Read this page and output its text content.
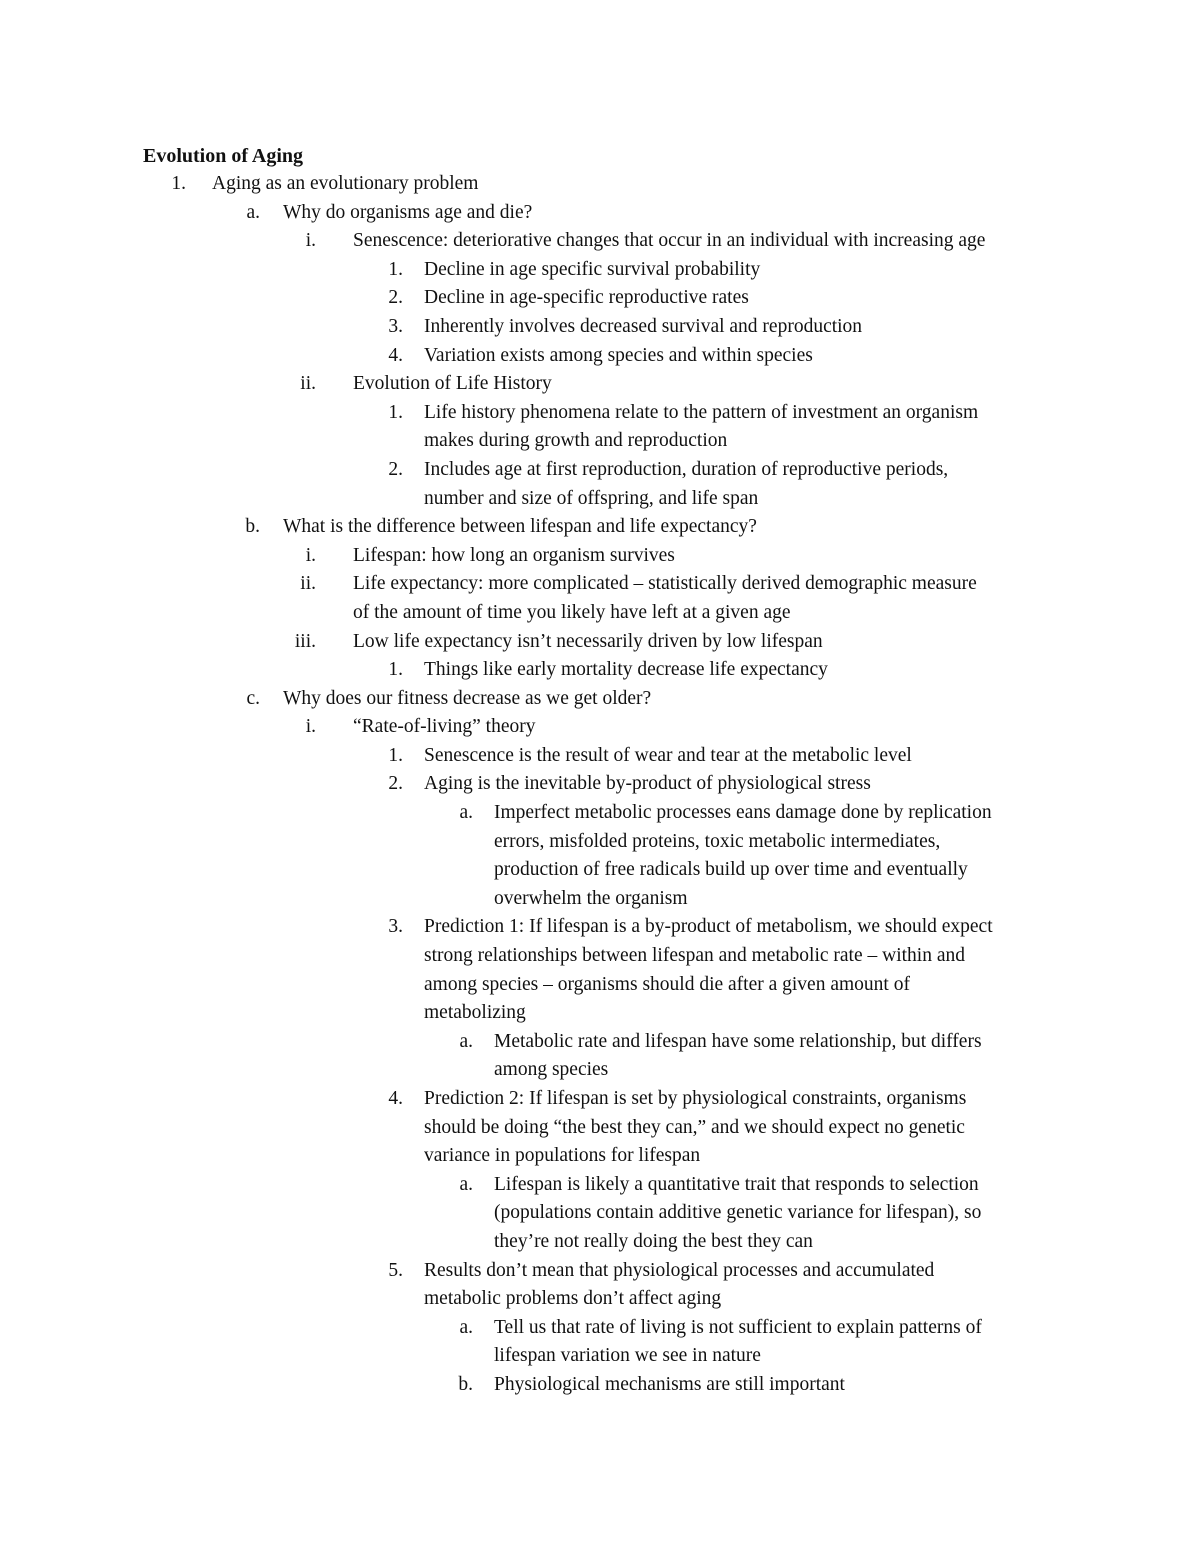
Evolution of Aging
1. Aging as an evolutionary problem
a. Why do organisms age and die?
i. Senescence: deteriorative changes that occur in an individual with increasing age
1. Decline in age specific survival probability
2. Decline in age-specific reproductive rates
3. Inherently involves decreased survival and reproduction
4. Variation exists among species and within species
ii. Evolution of Life History
1. Life history phenomena relate to the pattern of investment an organism
makes during growth and reproduction
2. Includes age at first reproduction, duration of reproductive periods,
number and size of offspring, and life span
b. What is the difference between lifespan and life expectancy?
i. Lifespan: how long an organism survives
ii. Life expectancy: more complicated – statistically derived demographic measure
of the amount of time you likely have left at a given age
iii. Low life expectancy isn’t necessarily driven by low lifespan
1. Things like early mortality decrease life expectancy
c. Why does our fitness decrease as we get older?
i. “Rate-of-living” theory
1. Senescence is the result of wear and tear at the metabolic level
2. Aging is the inevitable by-product of physiological stress
a. Imperfect metabolic processes eans damage done by replication
errors, misfolded proteins, toxic metabolic intermediates,
production of free radicals build up over time and eventually
overwhelm the organism
3. Prediction 1: If lifespan is a by-product of metabolism, we should expect
strong relationships between lifespan and metabolic rate – within and
among species – organisms should die after a given amount of
metabolizing
a. Metabolic rate and lifespan have some relationship, but differs
among species
4. Prediction 2: If lifespan is set by physiological constraints, organisms
should be doing “the best they can,” and we should expect no genetic
variance in populations for lifespan
a. Lifespan is likely a quantitative trait that responds to selection
(populations contain additive genetic variance for lifespan), so
they’re not really doing the best they can
5. Results don’t mean that physiological processes and accumulated
metabolic problems don’t affect aging
a. Tell us that rate of living is not sufficient to explain patterns of
lifespan variation we see in nature
b. Physiological mechanisms are still important
